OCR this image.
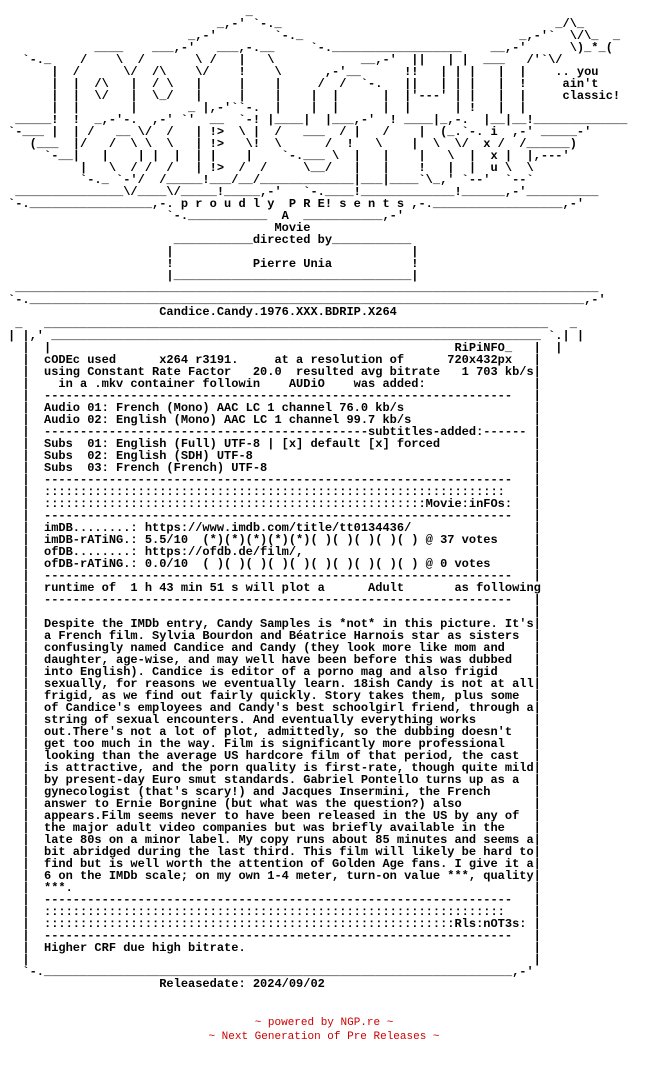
_
_,-' `-._                                      _/\_
_,-'        `-._                              _,-'`  \/\_  _
____    ___,-'   ___,-.__     `-.__________________    __,-'      \)_*_(
`-._    /    \  /       \ /   |   \            __,-'  ||   | |  ___   /'`\/
|  /      \/  /\    \/    !    \      ,-'__      !!   | | |   |  |    .. you
|  |  /\   |  / \   |     |    |     /  /  `-.   ||   | | |   |  !     ain't
|  |  \/   |  \_/   |     |    |    |  |      |  |'---' | |   |  |     classic!
|  |       |       _ |,-'``-.  |    |  |      |  |      | !   |  |
_____!  !  _,-'-.  ,-' `'  __  `-! |____|  |___,-'  ! ____|_,-.  |__|__!_____________
`-___ |  | /   __ \/  /   | !>  \ |  /   ___  / |   /    |  (_.`-. i  ,-' _____-'
(___  |/   /  \ \  \   | !>   \!  \      /  !   \    |  \  \/  x /  /______)
`-__|   |    | |  |  | |    |    `-.___ \  |   |    |   \  |  x |  |,---'
|   \  / /  /   | !>  /  /     \__/   |   |    !   |  |  u \  \
`-._ `-'/  /_____!___/__/_____________|___|____`\_,' `--'  `--`
_______________\/____\/_____!_____,-'   `-.____!_____________!______,-'__________
`-._________________,-. p r o u d l y  P R E! s e n t s ,-.__________________,-'
`-.___________  A  ___________,-'
Movie
___________directed by___________
|                                 |
!           Pierre Unia           !
|_________________________________|
_________________________________________________________________________________
`-._____________________________________________________________________________,-'
Candice.Candy.1976.XXX.BDRIP.X264
_   ______________________________________________________________________   _
| |,' ____________________________________________________________________ `.| |
|  |                                                        RiPiNFO_   |  |
|  cODEc used      x264 r3191.     at a resolution of      720x432px   |
|  using Constant Rate Factor   20.0  resulted avg bitrate   1 703 kb/s|
|    in a .mkv container followin    AUDiO    was added:               |
|  -----------------------------------------------------------------   |
|  Audio 01: French (Mono) AAC LC 1 channel 76.0 kb/s                  |
|  Audio 02: English (Mono) AAC LC 1 channel 99.7 kb/s                 |
|  ---------------------------------------------subtitles-added:------ |
|  Subs  01: English (Full) UTF-8 | [x] default [x] forced             |
|  Subs  02: English (SDH) UTF-8                                       |
|  Subs  03: French (French) UTF-8                                     |
|  -----------------------------------------------------------------   |
|  ::::::::::::::::::::::::::::::::::::::::::::::::::::::::::::::::    |
|  :::::::::::::::::::::::::::::::::::::::::::::::::::::Movie:inFOs:   |
|  -----------------------------------------------------------------   |
|  imDB........: https://www.imdb.com/title/tt0134436/                 |
|  imDB-rATiNG.: 5.5/10  (*)(*)(*)(*)(*)( )( )( )( )( ) @ 37 votes     |
|  ofDB........: https://ofdb.de/film/,                                |
|  ofDB-rATiNG.: 0.0/10  ( )( )( )( )( )( )( )( )( )( ) @ 0 votes      |
|  -----------------------------------------------------------------   |
|  runtime of  1 h 43 min 51 s will plot a      Adult       as following
|  -----------------------------------------------------------------   |
|                                                                      |
|  Despite the IMDb entry, Candy Samples is *not* in this picture. It's|
|  a French film. Sylvia Bourdon and Béatrice Harnois star as sisters  |
|  confusingly named Candice and Candy (they look more like mom and    |
|  daughter, age-wise, and may well have been before this was dubbed   |
|  into English). Candice is editor of a porno mag and also frigid     |
|  sexually, for reasons we eventually learn. 18ish Candy is not at all|
|  frigid, as we find out fairly quickly. Story takes them, plus some  |
|  of Candice's employees and Candy's best schoolgirl friend, through a|
|  string of sexual encounters. And eventually everything works        |
|  out.There's not a lot of plot, admittedly, so the dubbing doesn't   |
|  get too much in the way. Film is significantly more professional    |
|  looking than the average US hardcore film of that period, the cast  |
|  is attractive, and the porn quality is first-rate, though quite mild|
|  by present-day Euro smut standards. Gabriel Pontello turns up as a  |
|  gynecologist (that's scary!) and Jacques Insermini, the French      |
|  answer to Ernie Borgnine (but what was the question?) also          |
|  appears.Film seems never to have been released in the US by any of  |
|  the major adult video companies but was briefly available in the    |
|  late 80s on a minor label. My copy runs about 85 minutes and seems a|
|  bit abridged during the last third. This film will likely be hard to|
|  find but is well worth the attention of Golden Age fans. I give it a|
|  6 on the IMDb scale; on my own 1-4 meter, turn-on value ***, quality|
|  ***.                                                                |
|  -----------------------------------------------------------------   |
|  ::::::::::::::::::::::::::::::::::::::::::::::::::::::::::::::::    |
|  :::::::::::::::::::::::::::::::::::::::::::::::::::::::::Rls:nOT3s: |
|  -----------------------------------------------------------------   |
|  Higher CRF due high bitrate.                                        |
|                                                                      |
`-._________________________________________________________________,-'
Releasedate: 2024/09/02
~ powered by NGP.re ~
~ Next Generation of Pre Releases ~
